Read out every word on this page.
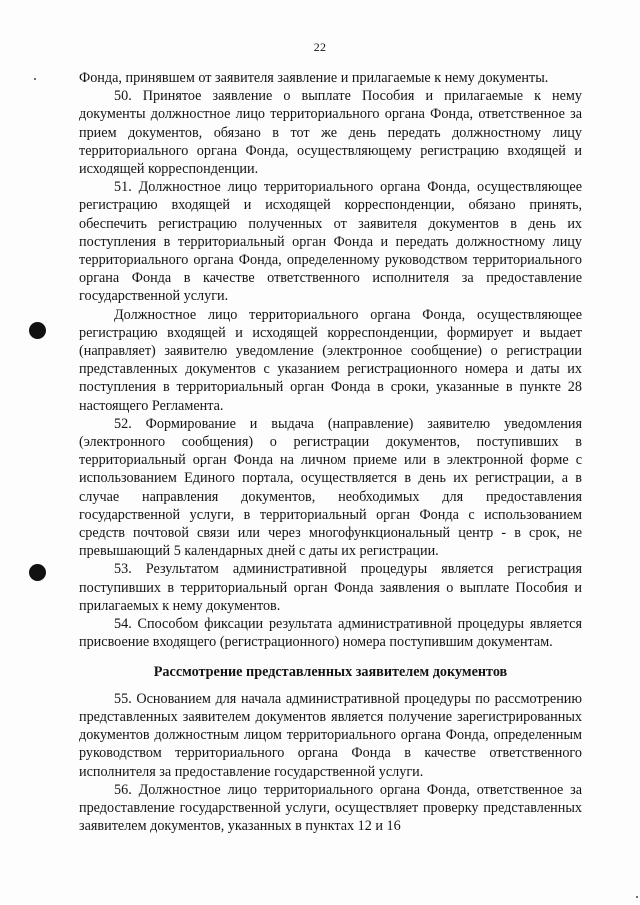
22

Фонда, принявшем от заявителя заявление и прилагаемые к нему документы.

50. Принятое заявление о выплате Пособия и прилагаемые к нему документы должностное лицо территориального органа Фонда, ответственное за прием документов, обязано в тот же день передать должностному лицу территориального органа Фонда, осуществляющему регистрацию входящей и исходящей корреспонденции.

51. Должностное лицо территориального органа Фонда, осуществляющее регистрацию входящей и исходящей корреспонденции, обязано принять, обеспечить регистрацию полученных от заявителя документов в день их поступления в территориальный орган Фонда и передать должностному лицу территориального органа Фонда, определенному руководством территориального органа Фонда в качестве ответственного исполнителя за предоставление государственной услуги.

Должностное лицо территориального органа Фонда, осуществляющее регистрацию входящей и исходящей корреспонденции, формирует и выдает (направляет) заявителю уведомление (электронное сообщение) о регистрации представленных документов с указанием регистрационного номера и даты их поступления в территориальный орган Фонда в сроки, указанные в пункте 28 настоящего Регламента.

52. Формирование и выдача (направление) заявителю уведомления (электронного сообщения) о регистрации документов, поступивших в территориальный орган Фонда на личном приеме или в электронной форме с использованием Единого портала, осуществляется в день их регистрации, а в случае направления документов, необходимых для предоставления государственной услуги, в территориальный орган Фонда с использованием средств почтовой связи или через многофункциональный центр - в срок, не превышающий 5 календарных дней с даты их регистрации.

53. Результатом административной процедуры является регистрация поступивших в территориальный орган Фонда заявления о выплате Пособия и прилагаемых к нему документов.

54. Способом фиксации результата административной процедуры является присвоение входящего (регистрационного) номера поступившим документам.

Рассмотрение представленных заявителем документов

55. Основанием для начала административной процедуры по рассмотрению представленных заявителем документов является получение зарегистрированных документов должностным лицом территориального органа Фонда, определенным руководством территориального органа Фонда в качестве ответственного исполнителя за предоставление государственной услуги.

56. Должностное лицо территориального органа Фонда, ответственное за предоставление государственной услуги, осуществляет проверку представленных заявителем документов, указанных в пунктах 12 и 16
